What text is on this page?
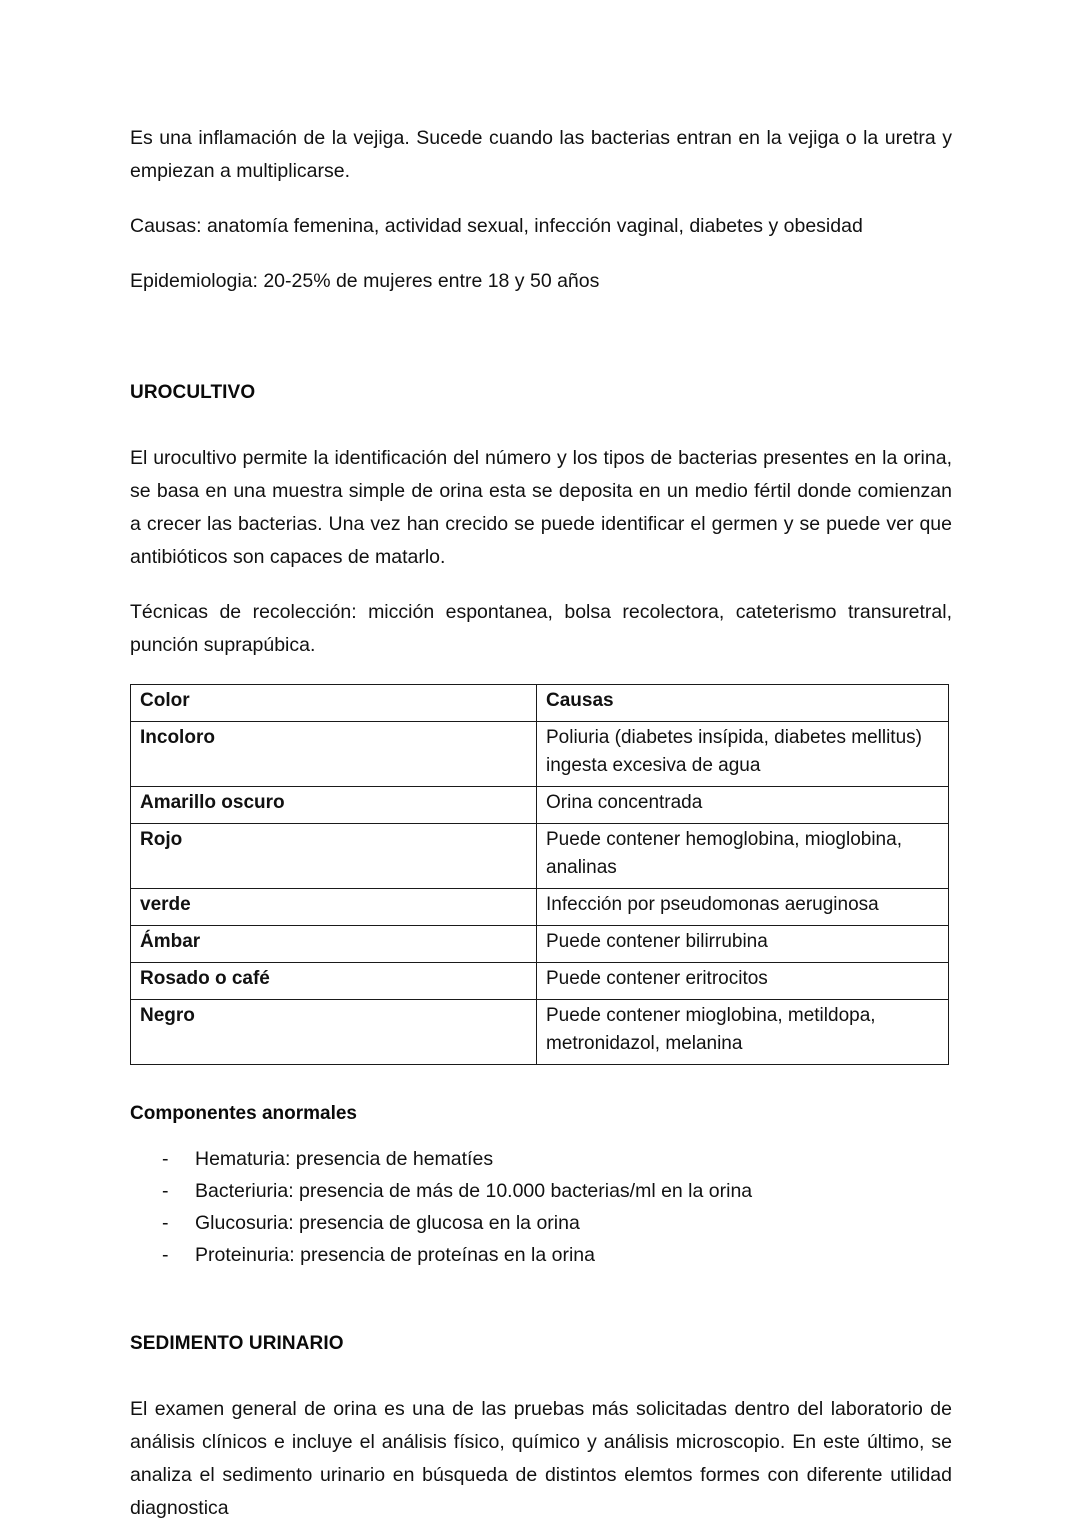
Es una inflamación de la vejiga. Sucede cuando las bacterias entran en la vejiga o la uretra y empiezan a multiplicarse.

Causas: anatomía femenina, actividad sexual, infección vaginal, diabetes y obesidad

Epidemiologia: 20-25% de mujeres entre 18 y 50 años

UROCULTIVO

El urocultivo permite la identificación del número y los tipos de bacterias presentes en la orina, se basa en una muestra simple de orina esta se deposita en un medio fértil donde comienzan a crecer las bacterias. Una vez han crecido se puede identificar el germen y se puede ver que antibióticos son capaces de matarlo.

Técnicas de recolección: micción espontanea, bolsa recolectora, cateterismo transuretral, punción suprapúbica.

Color	Causas
Incoloro	Poliuria (diabetes insípida, diabetes mellitus) ingesta excesiva de agua
Amarillo oscuro	Orina concentrada
Rojo	Puede contener hemoglobina, mioglobina, analinas
verde	Infección por pseudomonas aeruginosa
Ámbar	Puede contener bilirrubina
Rosado o café	Puede contener eritrocitos
Negro	Puede contener mioglobina, metildopa, metronidazol, melanina
Componentes anormales
- Hematuria: presencia de hematíes
- Bacteriuria: presencia de más de 10.000 bacterias/ml en la orina
- Glucosuria: presencia de glucosa en la orina
- Proteinuria: presencia de proteínas en la orina
SEDIMENTO URINARIO

El examen general de orina es una de las pruebas más solicitadas dentro del laboratorio de análisis clínicos e incluye el análisis físico, químico y análisis microscopio. En este último, se analiza el sedimento urinario en búsqueda de distintos elemtos formes con diferente utilidad diagnostica
